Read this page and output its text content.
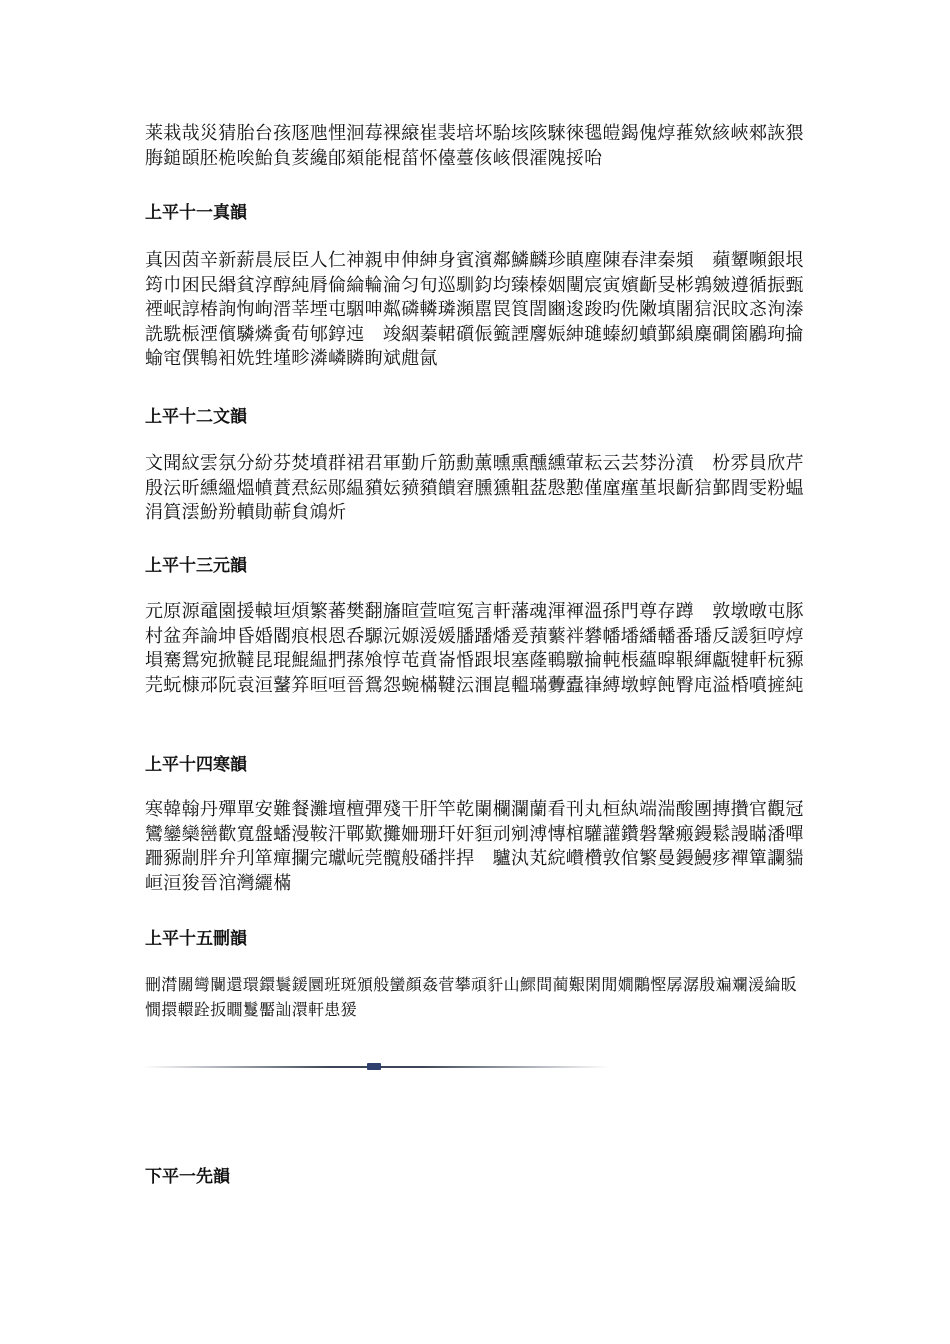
莱栽哉災猜胎台孩豗虺悝洄莓裸縗崔裴培坏駘垓陔騋徠毸皚鍻傀焞蓷欸絯峽郲詼猥脢鎚頣胚桅唉鮐負荄纔郋頦能棍菑怀儓薹侅峐偎瀖隗挼咍

上平十一真韻

真因茵辛新薪晨辰臣人仁神親申伸紳身賓濱鄰鱗麟珍瞋塵陳春津秦頻　蘋顰嚬銀垠筠巾困民緡貧淳醇純脣倫綸輪淪匀旬巡馴鈞均臻榛姻闉宸寅嬪齗旻彬鶉皴遵循振甄禋岷諄椿詢恂峋溍莘堙屯駰呻粼磷轔璘瀕嚚罠筤誾豳逡踆昀侁敶填闍狺泯旼忞洵溱詵駪桭湮儐驎燐夤荀郇錞迍　竣絪蓁輑礩侲籈諲麐娠紳璡螓紉蟦鄞縜麇磵箘鷵珣掄蝓窀僎鶽衵姺甡墐畛潾嶙瞵眴斌甝氤

上平十二文韻

文聞紋雲氛分紛芬焚墳群裙君軍勤斤筋勳薰曛熏醺纁葷耘云芸棼汾濆　枌雰員欣芹殷沄昕纁縕熅幩蕡焄紜郧緼豶妘豮豶饋窘臐獯靻葐慇懃僅廑瘽堇垠齗狺鄞閰雯粉蝹涓篔澐魵羒轒勛蕲貟鴧炘

上平十三元韻

元原源黿園援轅垣煩繁蕃樊翻旛暄萱喧冤言軒藩魂渾褌溫孫門尊存蹲　敦墩暾屯豚村盆奔論坤昏婚閽痕根恩呑騵沅嫄湲媛膰蹯燔爰蕷蘩袢礬幡墦繙轓番璠反諼貆哼焞塤騫鴛宛掀韃昆琨鯤緼捫蓀飧惇芚賁崙惛跟垠塞蕯鶤驐掄軘棖蘊暭鞎緷甗犍軒杬豲芫蚖槺邧阮袁洹鼜笲晅咺晉鴛怨蜿樠鞬沄涠崑轀璊虋蠹嵂縛墩蜳飩臀庉溢棔噴摌純

上平十四寒韻

寒韓翰丹殫單安難餐灘壇檀彈殘干肝竿乾闌欄瀾蘭看刊丸桓紈端湍酸團摶攢官觀冠鸞鑾欒巒歡寬盤蟠漫鞍汗鄲歎攤姍珊玕奸貆刓剜溥慱棺驩讙鑽磐鞶瘢鏝鬆謾瞞潘嘽跚豲剬胖弁刋箪癉攔完瓛岏莞髖般磻拌捍　驢汍芄綄巑欑敦倌繁曼鏝鰻痑襌簞讕貒峘洹狻晉涫灣纚樠

上平十五刪韻

刪潸關彎闤還環鐶鬟鍰圜班斑頒般蠻顏姦菅攀頑豻山鰥間蔺艱閑閒嫺鷴慳孱潺殷斒斕湲綸眅憪擐轘跧扳瞯鬘靨訕澴軒患猨

下平一先韻
